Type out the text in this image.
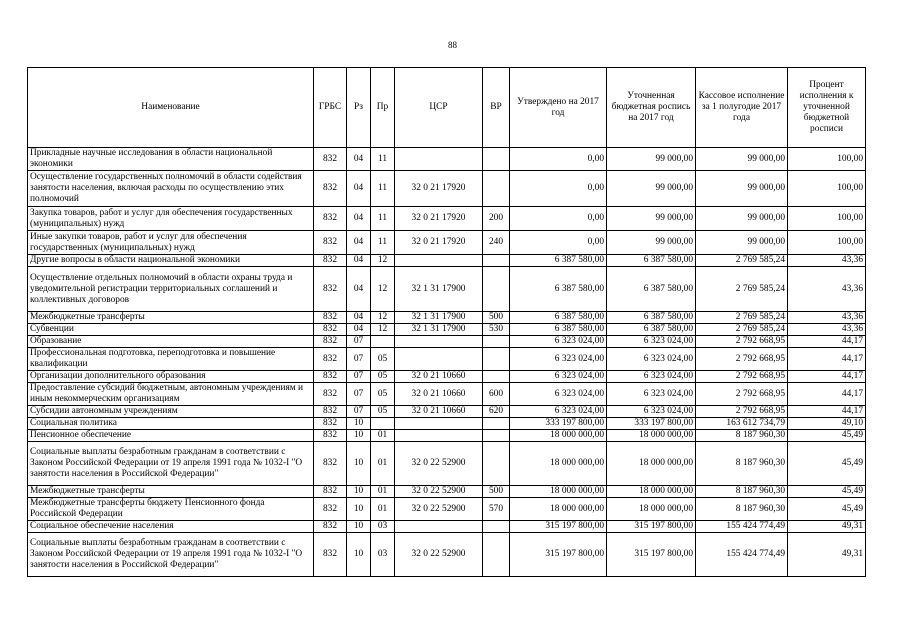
88
Наименование	ГРБС	Рз	Пр	ЦСР	ВР	Утверждено на 2017 год	Уточненная бюджетная роспись на 2017 год	Кассовое исполнение за 1 полугодие 2017 года	Процент исполнения к уточненной бюджетной росписи
Прикладные научные исследования в области национальной экономики	832	04	11			0,00	99 000,00	99 000,00	100,00
Осуществление государственных полномочий в области содействия занятости населения, включая расходы по осуществлению этих полномочий	832	04	11	32 0 21 17920		0,00	99 000,00	99 000,00	100,00
Закупка товаров, работ и услуг для обеспечения государственных (муниципальных) нужд	832	04	11	32 0 21 17920	200	0,00	99 000,00	99 000,00	100,00
Иные закупки товаров, работ и услуг для обеспечения государственных (муниципальных) нужд	832	04	11	32 0 21 17920	240	0,00	99 000,00	99 000,00	100,00
Другие вопросы в области национальной экономики	832	04	12			6 387 580,00	6 387 580,00	2 769 585,24	43,36
Осуществление отдельных полномочий в области охраны труда и уведомительной регистрации территориальных соглашений и коллективных договоров	832	04	12	32 1 31 17900		6 387 580,00	6 387 580,00	2 769 585,24	43,36
Межбюджетные трансферты	832	04	12	32 1 31 17900	500	6 387 580,00	6 387 580,00	2 769 585,24	43,36
Субвенции	832	04	12	32 1 31 17900	530	6 387 580,00	6 387 580,00	2 769 585,24	43,36
Образование	832	07				6 323 024,00	6 323 024,00	2 792 668,95	44,17
Профессиональная подготовка, переподготовка и повышение квалификации	832	07	05			6 323 024,00	6 323 024,00	2 792 668,95	44,17
Организации дополнительного образования	832	07	05	32 0 21 10660		6 323 024,00	6 323 024,00	2 792 668,95	44,17
Предоставление субсидий бюджетным, автономным учреждениям и иным некоммерческим организациям	832	07	05	32 0 21 10660	600	6 323 024,00	6 323 024,00	2 792 668,95	44,17
Субсидии автономным учреждениям	832	07	05	32 0 21 10660	620	6 323 024,00	6 323 024,00	2 792 668,95	44,17
Социальная политика	832	10				333 197 800,00	333 197 800,00	163 612 734,79	49,10
Пенсионное обеспечение	832	10	01			18 000 000,00	18 000 000,00	8 187 960,30	45,49
Социальные выплаты безработным гражданам в соответствии с Законом Российской Федерации от 19 апреля 1991 года № 1032-I "О занятости населения в Российской Федерации"	832	10	01	32 0 22 52900		18 000 000,00	18 000 000,00	8 187 960,30	45,49
Межбюджетные трансферты	832	10	01	32 0 22 52900	500	18 000 000,00	18 000 000,00	8 187 960,30	45,49
Межбюджетные трансферты бюджету Пенсионного фонда Российской Федерации	832	10	01	32 0 22 52900	570	18 000 000,00	18 000 000,00	8 187 960,30	45,49
Социальное обеспечение населения	832	10	03			315 197 800,00	315 197 800,00	155 424 774,49	49,31
Социальные выплаты безработным гражданам в соответствии с Законом Российской Федерации от 19 апреля 1991 года № 1032-I "О занятости населения в Российской Федерации"	832	10	03	32 0 22 52900		315 197 800,00	315 197 800,00	155 424 774,49	49,31
